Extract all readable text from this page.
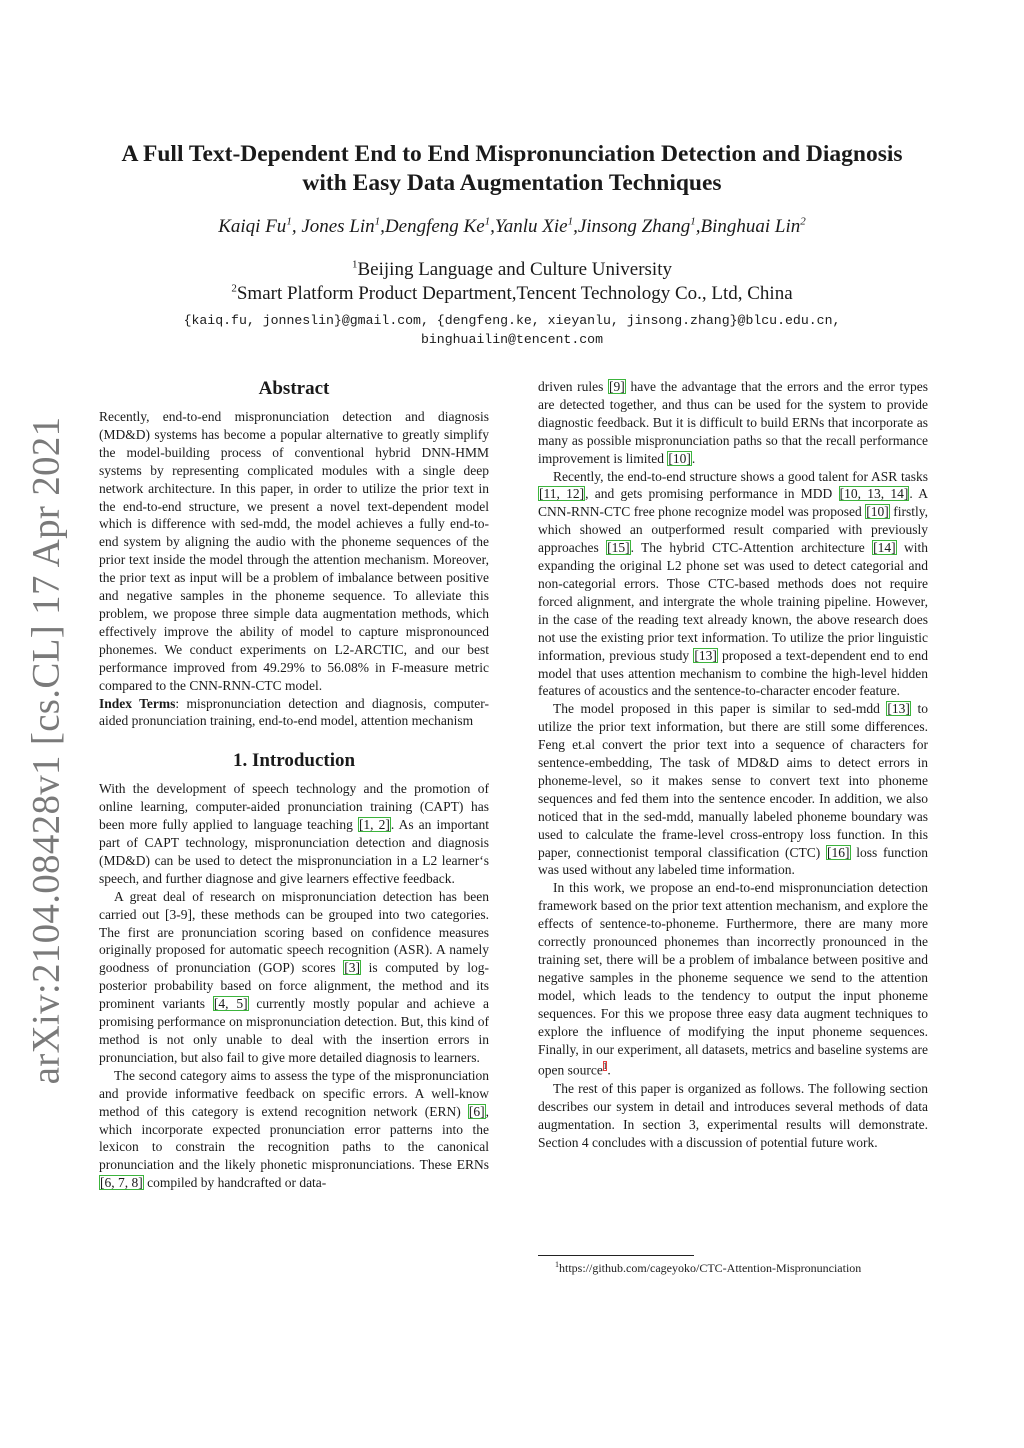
arXiv:2104.08428v1 [cs.CL] 17 Apr 2021
A Full Text-Dependent End to End Mispronunciation Detection and Diagnosis
with Easy Data Augmentation Techniques
Kaiqi Fu$^1$, Jones Lin$^1$,Dengfeng Ke$^1$,Yanlu Xie$^1$,Jinsong Zhang$^1$,Binghuai Lin$^2$
$^1$Beijing Language and Culture University
$^2$Smart Platform Product Department,Tencent Technology Co., Ltd, China
{kaiq.fu, jonneslin}@gmail.com, {dengfeng.ke, xieyanlu, jinsong.zhang}@blcu.edu.cn,
binghuailin@tencent.com
Abstract

Recently, end-to-end mispronunciation detection and diagnosis (MD&D) systems has become a popular alternative to greatly simplify the model-building process of conventional hybrid DNN-HMM systems by representing complicated modules with a single deep network architecture. In this paper, in order to utilize the prior text in the end-to-end structure, we present a novel text-dependent model which is difference with sed-mdd, the model achieves a fully end-to-end system by aligning the audio with the phoneme sequences of the prior text inside the model through the attention mechanism. Moreover, the prior text as input will be a problem of imbalance between positive and negative samples in the phoneme sequence. To alleviate this problem, we propose three simple data augmentation methods, which effectively improve the ability of model to capture mispronounced phonemes. We conduct experiments on L2-ARCTIC, and our best performance improved from 49.29% to 56.08% in F-measure metric compared to the CNN-RNN-CTC model.

Index Terms: mispronunciation detection and diagnosis, computer-aided pronunciation training, end-to-end model, attention mechanism

1. Introduction

With the development of speech technology and the promotion of online learning, computer-aided pronunciation training (CAPT) has been more fully applied to language teaching [1, 2]. As an important part of CAPT technology, mispronunciation detection and diagnosis (MD&D) can be used to detect the mispronunciation in a L2 learner‘s speech, and further diagnose and give learners effective feedback.

A great deal of research on mispronunciation detection has been carried out [3-9], these methods can be grouped into two categories. The first are pronunciation scoring based on confidence measures originally proposed for automatic speech recognition (ASR). A namely goodness of pronunciation (GOP) scores [3] is computed by log-posterior probability based on force alignment, the method and its prominent variants [4, 5] currently mostly popular and achieve a promising performance on mispronunciation detection. But, this kind of method is not only unable to deal with the insertion errors in pronunciation, but also fail to give more detailed diagnosis to learners.

The second category aims to assess the type of the mispronunciation and provide informative feedback on specific errors. A well-know method of this category is extend recognition network (ERN) [6], which incorporate expected pronunciation error patterns into the lexicon to constrain the recognition paths to the canonical pronunciation and the likely phonetic mispronunciations. These ERNs [6, 7, 8] compiled by handcrafted or data-

driven rules [9] have the advantage that the errors and the error types are detected together, and thus can be used for the system to provide diagnostic feedback. But it is difficult to build ERNs that incorporate as many as possible mispronunciation paths so that the recall performance improvement is limited [10].

Recently, the end-to-end structure shows a good talent for ASR tasks [11, 12], and gets promising performance in MDD [10, 13, 14]. A CNN-RNN-CTC free phone recognize model was proposed [10] firstly, which showed an outperformed result comparied with previously approaches [15]. The hybrid CTC-Attention architecture [14] with expanding the original L2 phone set was used to detect categorial and non-categorial errors. Those CTC-based methods does not require forced alignment, and intergrate the whole training pipeline. However, in the case of the reading text already known, the above research does not use the existing prior text information. To utilize the prior linguistic information, previous study [13] proposed a text-dependent end to end model that uses attention mechanism to combine the high-level hidden features of acoustics and the sentence-to-character encoder feature.

The model proposed in this paper is similar to sed-mdd [13] to utilize the prior text information, but there are still some differences. Feng et.al convert the prior text into a sequence of characters for sentence-embedding, The task of MD&D aims to detect errors in phoneme-level, so it makes sense to convert text into phoneme sequences and fed them into the sentence encoder. In addition, we also noticed that in the sed-mdd, manually labeled phoneme boundary was used to calculate the frame-level cross-entropy loss function. In this paper, connectionist temporal classification (CTC) [16] loss function was used without any labeled time information.

In this work, we propose an end-to-end mispronunciation detection framework based on the prior text attention mechanism, and explore the effects of sentence-to-phoneme. Furthermore, there are many more correctly pronounced phonemes than incorrectly pronounced in the training set, there will be a problem of imbalance between positive and negative samples in the phoneme sequence we send to the attention model, which leads to the tendency to output the input phoneme sequences. For this we propose three easy data augment techniques to explore the influence of modifying the input phoneme sequences. Finally, in our experiment, all datasets, metrics and baseline systems are open source$^1$.

The rest of this paper is organized as follows. The following section describes our system in detail and introduces several methods of data augmentation. In section 3, experimental results will demonstrate. Section 4 concludes with a discussion of potential future work.

$^1$https://github.com/cageyoko/CTC-Attention-Mispronunciation
